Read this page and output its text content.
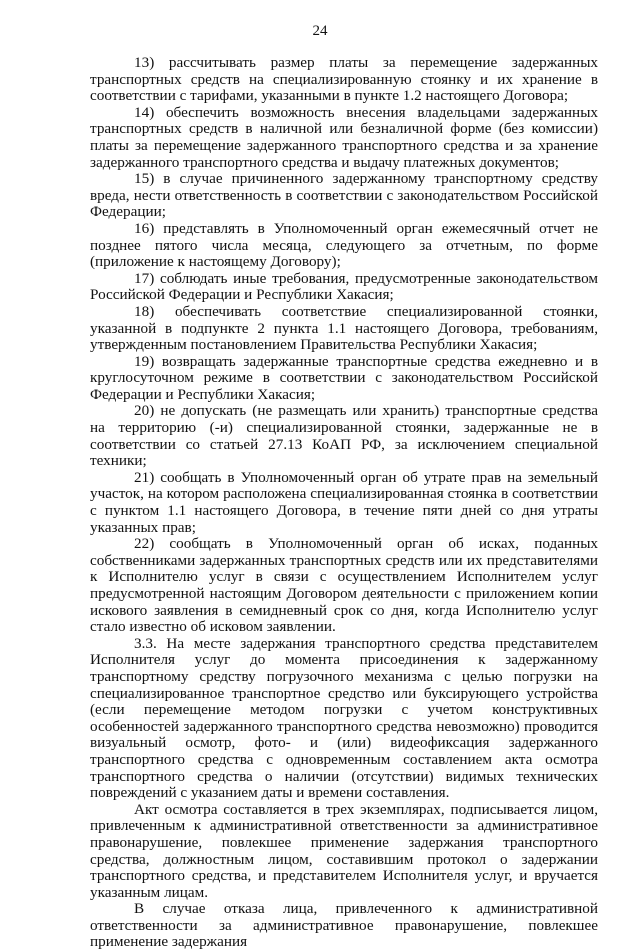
24

13) рассчитывать размер платы за перемещение задержанных транспортных средств на специализированную стоянку и их хранение в соответствии с тарифами, указанными в пункте 1.2 настоящего Договора;

14) обеспечить возможность внесения владельцами задержанных транспортных средств в наличной или безналичной форме (без комиссии) платы за перемещение задержанного транспортного средства и за хранение задержанного транспортного средства и выдачу платежных документов;

15) в случае причиненного задержанному транспортному средству вреда, нести ответственность в соответствии с законодательством Российской Федерации;

16) представлять в Уполномоченный орган ежемесячный отчет не позднее пятого числа месяца, следующего за отчетным, по форме (приложение к настоящему Договору);

17) соблюдать иные требования, предусмотренные законодательством Российской Федерации и Республики Хакасия;

18) обеспечивать соответствие специализированной стоянки, указанной в подпункте 2 пункта 1.1 настоящего Договора, требованиям, утвержденным постановлением Правительства Республики Хакасия;

19) возвращать задержанные транспортные средства ежедневно и в круглосуточном режиме в соответствии с законодательством Российской Федерации и Республики Хакасия;

20) не допускать (не размещать или хранить) транспортные средства на территорию (-и) специализированной стоянки, задержанные не в соответствии со статьей 27.13 КоАП РФ, за исключением специальной техники;

21) сообщать в Уполномоченный орган об утрате прав на земельный участок, на котором расположена специализированная стоянка в соответствии с пунктом 1.1 настоящего Договора, в течение пяти дней со дня утраты указанных прав;

22) сообщать в Уполномоченный орган об исках, поданных собственниками задержанных транспортных средств или их представителями к Исполнителю услуг в связи с осуществлением Исполнителем услуг предусмотренной настоящим Договором деятельности с приложением копии искового заявления в семидневный срок со дня, когда Исполнителю услуг стало известно об исковом заявлении.

3.3. На месте задержания транспортного средства представителем Исполнителя услуг до момента присоединения к задержанному транспортному средству погрузочного механизма с целью погрузки на специализированное транспортное средство или буксирующего устройства (если перемещение методом погрузки с учетом конструктивных особенностей задержанного транспортного средства невозможно) проводится визуальный осмотр, фото- и (или) видеофиксация задержанного транспортного средства с одновременным составлением акта осмотра транспортного средства о наличии (отсутствии) видимых технических повреждений с указанием даты и времени составления.

Акт осмотра составляется в трех экземплярах, подписывается лицом, привлеченным к административной ответственности за административное правонарушение, повлекшее применение задержания транспортного средства, должностным лицом, составившим протокол о задержании транспортного средства, и представителем Исполнителя услуг, и вручается указанным лицам.

В случае отказа лица, привлеченного к административной ответственности за административное правонарушение, повлекшее применение задержания
